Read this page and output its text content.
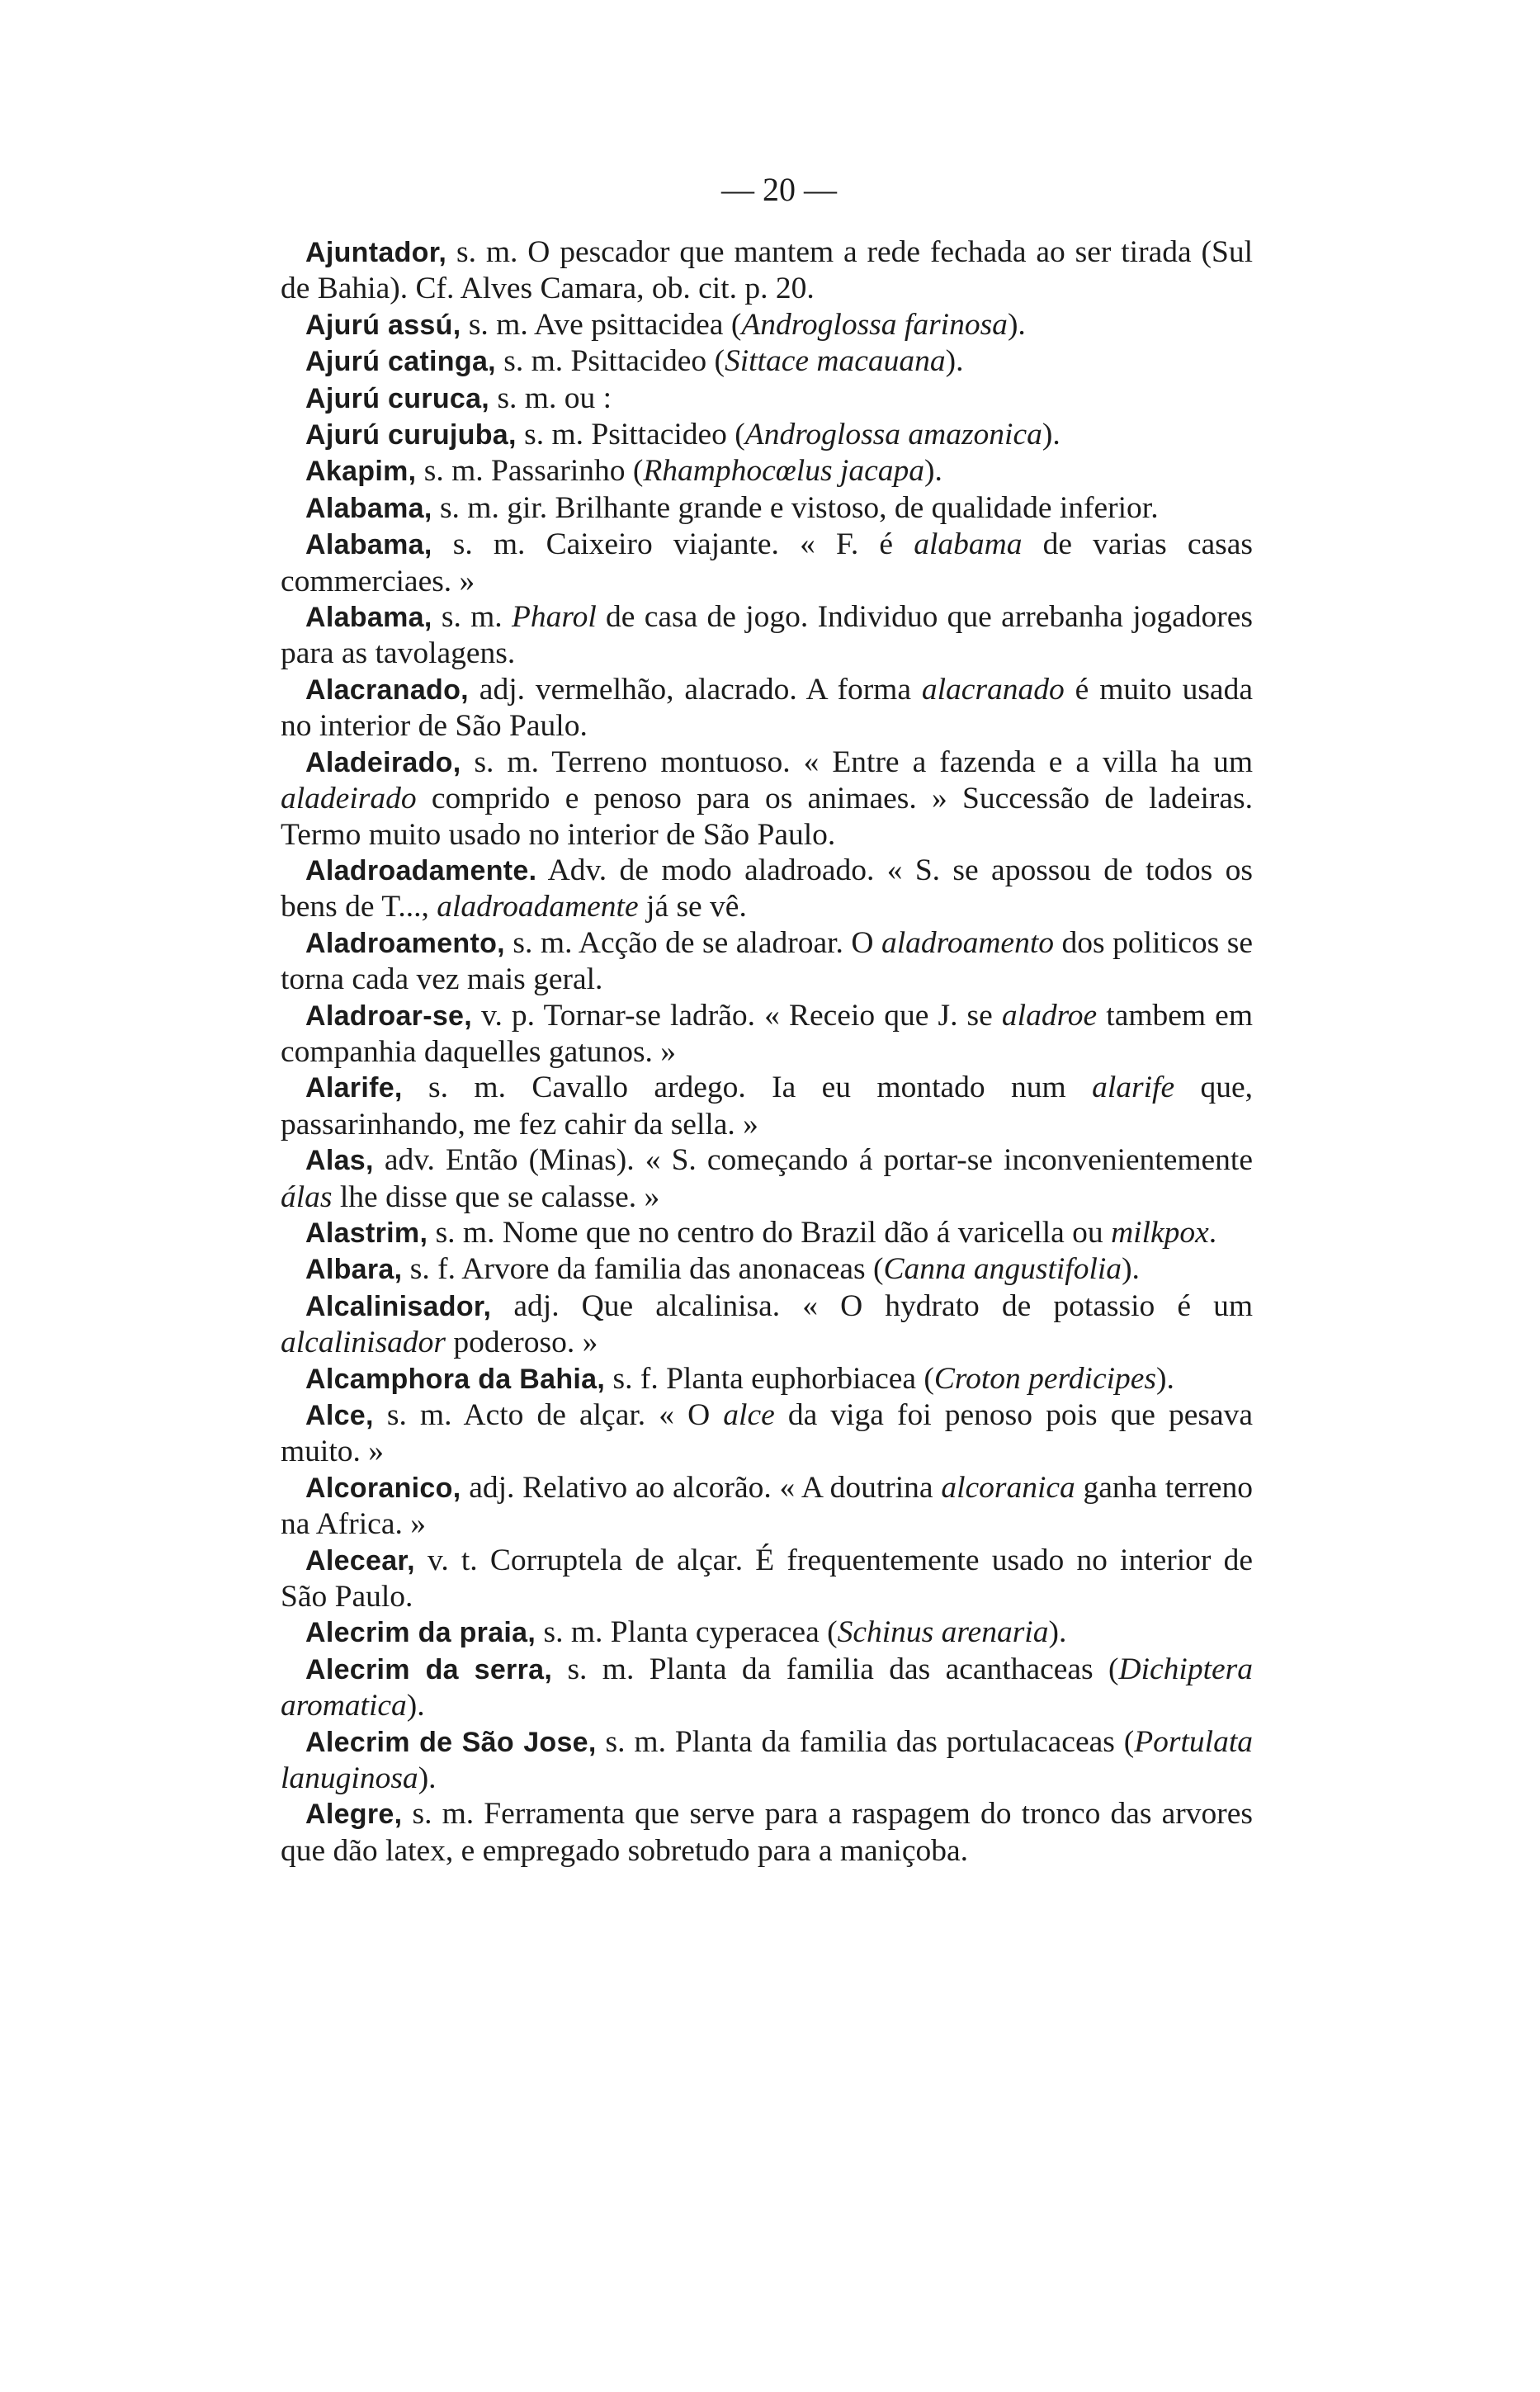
— 20 —

Ajuntador, s. m. O pescador que mantem a rede fechada ao ser tirada (Sul de Bahia). Cf. Alves Camara, ob. cit. p. 20.

Ajurú assú, s. m. Ave psittacidea (Androglossa farinosa).

Ajurú catinga, s. m. Psittacideo (Sittace macauana).

Ajurú curuca, s. m. ou :

Ajurú curujuba, s. m. Psittacideo (Androglossa amazonica).

Akapim, s. m. Passarinho (Rhamphocœlus jacapa).

Alabama, s. m. gir. Brilhante grande e vistoso, de qualidade inferior.

Alabama, s. m. Caixeiro viajante. « F. é alabama de varias casas commerciaes. »

Alabama, s. m. Pharol de casa de jogo. Individuo que arrebanha jogadores para as tavolagens.

Alacranado, adj. vermelhão, alacrado. A forma alacranado é muito usada no interior de São Paulo.

Aladeirado, s. m. Terreno montuoso. « Entre a fazenda e a villa ha um aladeirado comprido e penoso para os animaes. » Successão de ladeiras. Termo muito usado no interior de São Paulo.

Aladroadamente. Adv. de modo aladroado. « S. se apossou de todos os bens de T..., aladroadamente já se vê.

Aladroamento, s. m. Acção de se aladroar. O aladroamento dos politicos se torna cada vez mais geral.

Aladroar-se, v. p. Tornar-se ladrão. « Receio que J. se aladroe tambem em companhia daquelles gatunos. »

Alarife, s. m. Cavallo ardego. Ia eu montado num alarife que, passarinhando, me fez cahir da sella. »

Alas, adv. Então (Minas). « S. começando á portar-se inconvenientemente álas lhe disse que se calasse. »

Alastrim, s. m. Nome que no centro do Brazil dão á varicella ou milkpox.

Albara, s. f. Arvore da familia das anonaceas (Canna angustifolia).

Alcalinisador, adj. Que alcalinisa. « O hydrato de potassio é um alcalinisador poderoso. »

Alcamphora da Bahia, s. f. Planta euphorbiacea (Croton perdicipes).

Alce, s. m. Acto de alçar. « O alce da viga foi penoso pois que pesava muito. »

Alcoranico, adj. Relativo ao alcorão. « A doutrina alcoranica ganha terreno na Africa. »

Alecear, v. t. Corruptela de alçar. É frequentemente usado no interior de São Paulo.

Alecrim da praia, s. m. Planta cyperacea (Schinus arenaria).

Alecrim da serra, s. m. Planta da familia das acanthaceas (Dichiptera aromatica).

Alecrim de São Jose, s. m. Planta da familia das portulacaceas (Portulata lanuginosa).

Alegre, s. m. Ferramenta que serve para a raspagem do tronco das arvores que dão latex, e empregado sobretudo para a maniçoba.
